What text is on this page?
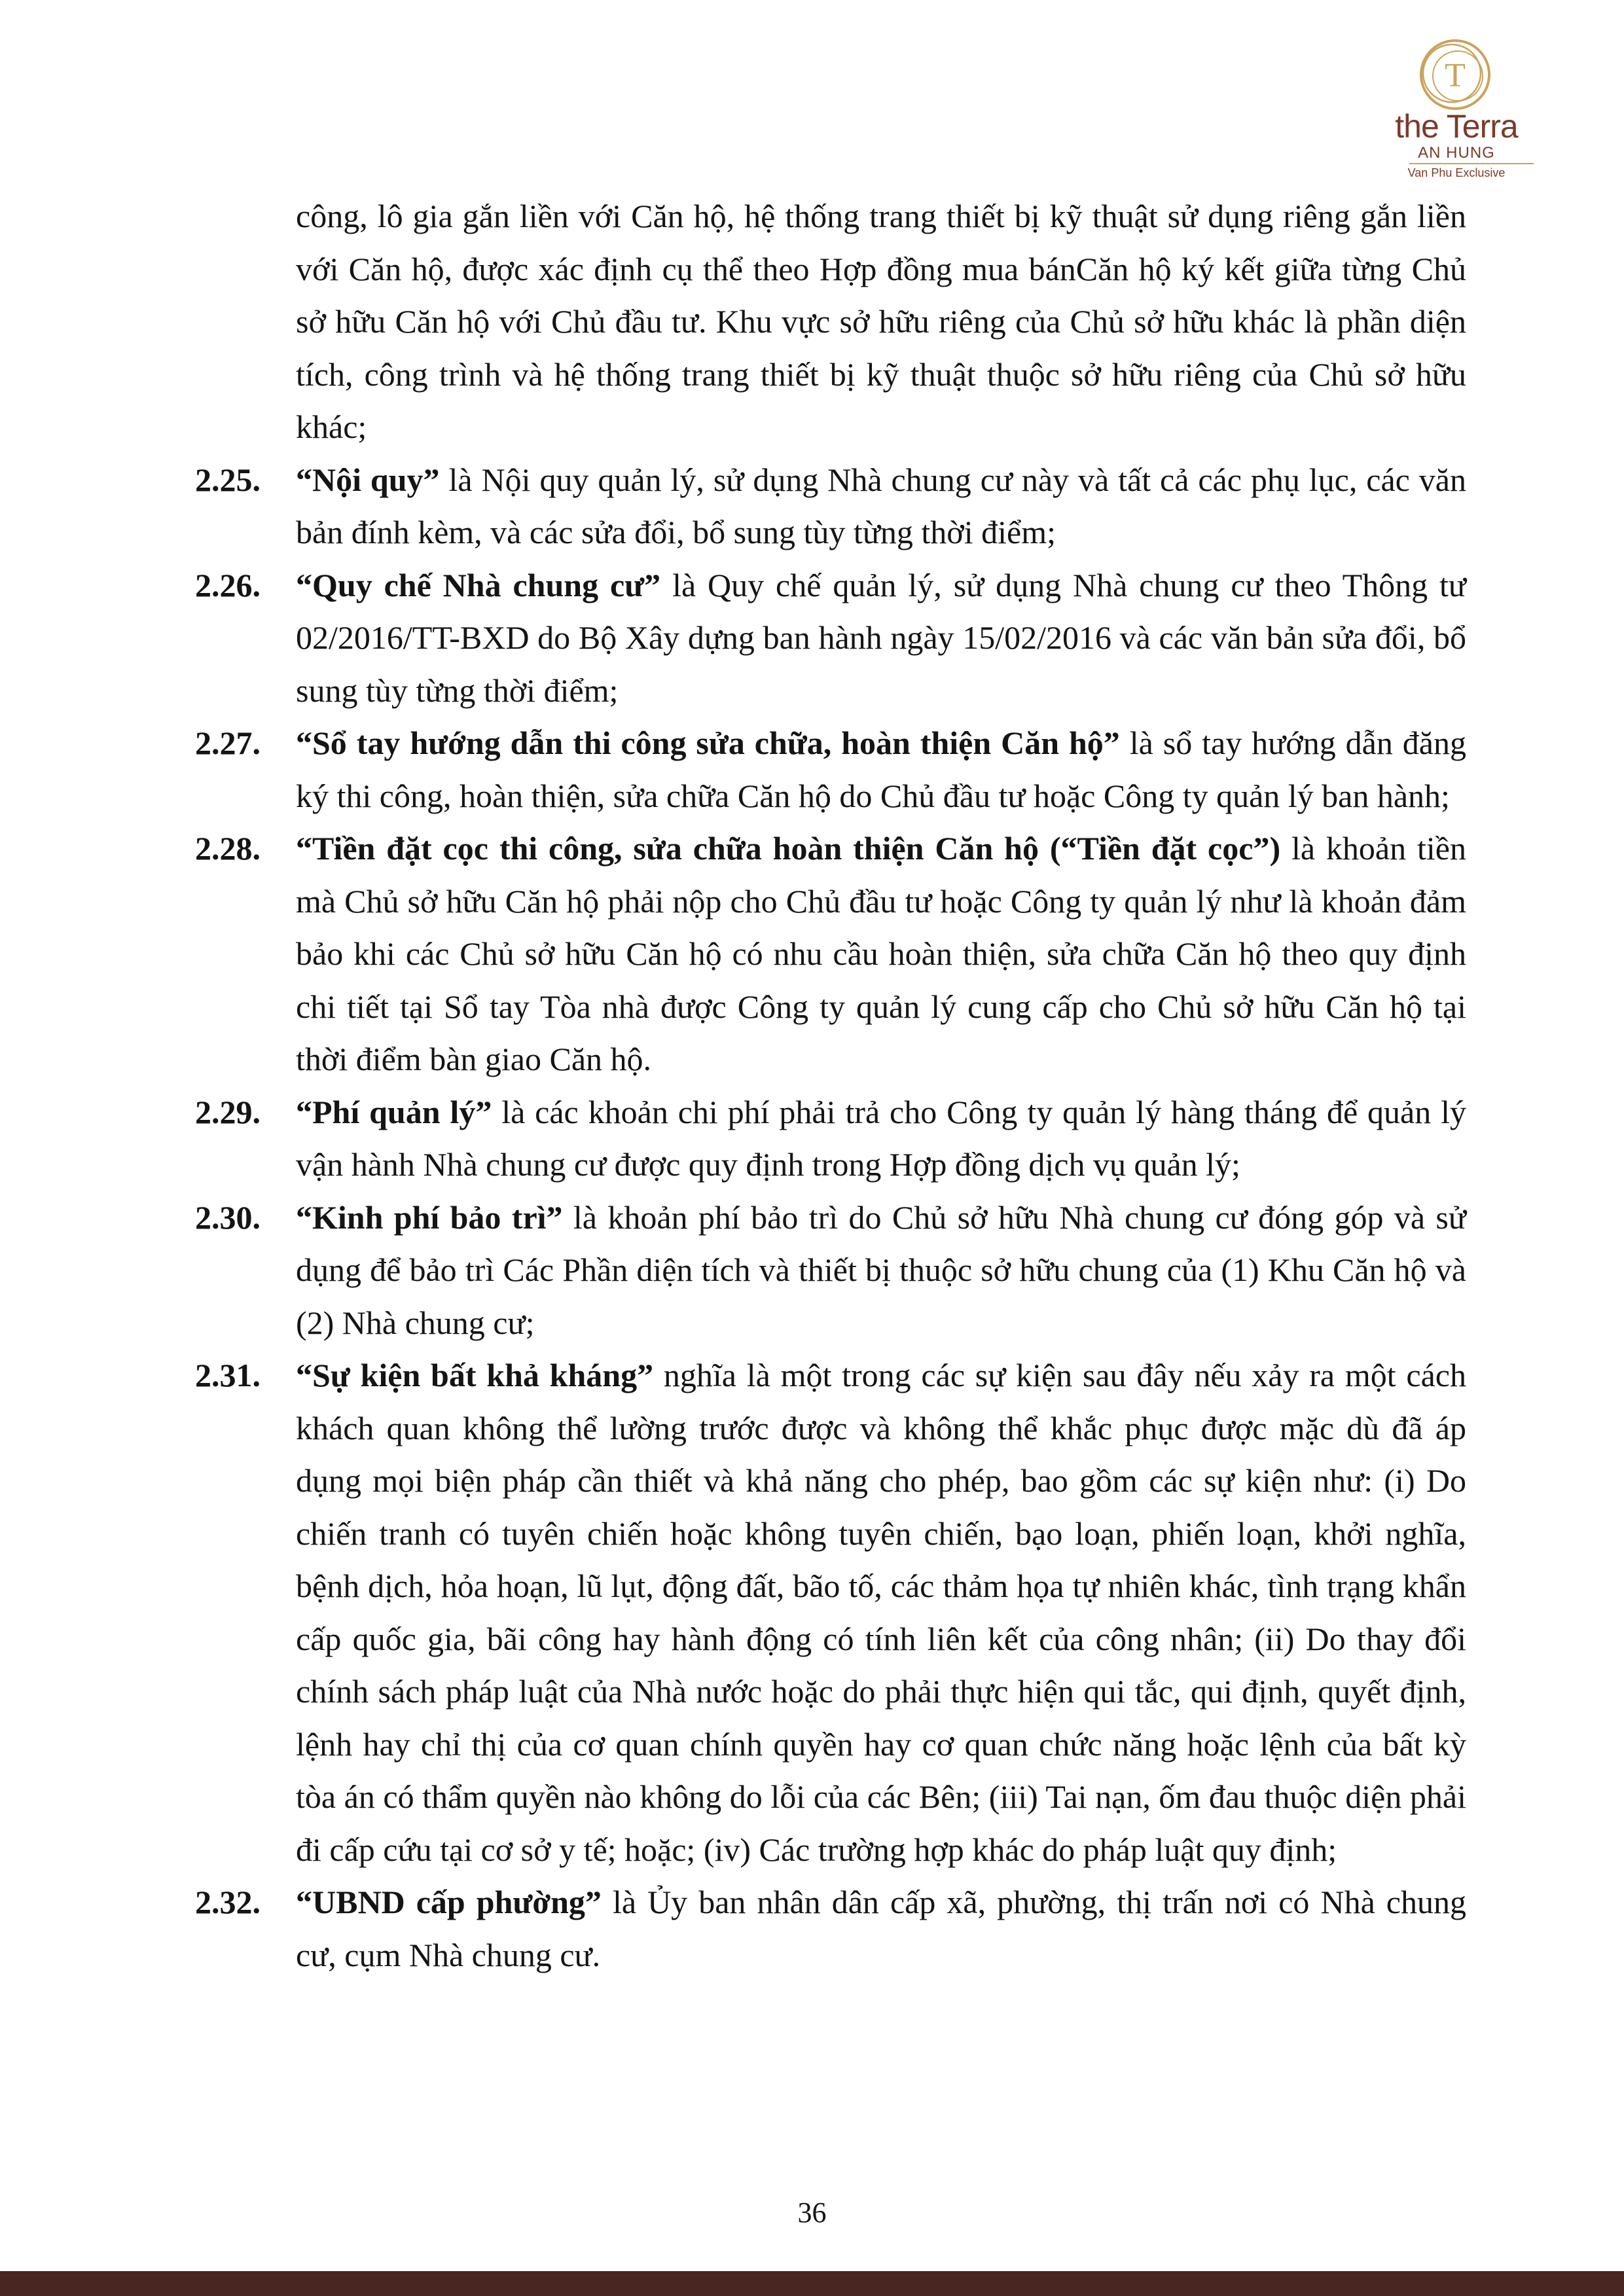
T
the Terra
AN HUNG
Van Phu Exclusive
công, lô gia gắn liền với Căn hộ, hệ thống trang thiết bị kỹ thuật sử dụng riêng gắn liền với Căn hộ, được xác định cụ thể theo Hợp đồng mua bánCăn hộ ký kết giữa từng Chủ sở hữu Căn hộ với Chủ đầu tư. Khu vực sở hữu riêng của Chủ sở hữu khác là phần diện tích, công trình và hệ thống trang thiết bị kỹ thuật thuộc sở hữu riêng của Chủ sở hữu khác;
2.25.	“Nội quy” là Nội quy quản lý, sử dụng Nhà chung cư này và tất cả các phụ lục, các văn bản đính kèm, và các sửa đổi, bổ sung tùy từng thời điểm;
2.26.	“Quy chế Nhà chung cư” là Quy chế quản lý, sử dụng Nhà chung cư theo Thông tư 02/2016/TT-BXD do Bộ Xây dựng ban hành ngày 15/02/2016 và các văn bản sửa đổi, bổ sung tùy từng thời điểm;
2.27.	“Sổ tay hướng dẫn thi công sửa chữa, hoàn thiện Căn hộ” là sổ tay hướng dẫn đăng ký thi công, hoàn thiện, sửa chữa Căn hộ do Chủ đầu tư hoặc Công ty quản lý ban hành;
2.28.	“Tiền đặt cọc thi công, sửa chữa hoàn thiện Căn hộ (“Tiền đặt cọc”) là khoản tiền mà Chủ sở hữu Căn hộ phải nộp cho Chủ đầu tư hoặc Công ty quản lý như là khoản đảm bảo khi các Chủ sở hữu Căn hộ có nhu cầu hoàn thiện, sửa chữa Căn hộ theo quy định chi tiết tại Sổ tay Tòa nhà được Công ty quản lý cung cấp cho Chủ sở hữu Căn hộ tại thời điểm bàn giao Căn hộ.
2.29.	“Phí quản lý” là các khoản chi phí phải trả cho Công ty quản lý hàng tháng để quản lý vận hành Nhà chung cư được quy định trong Hợp đồng dịch vụ quản lý;
2.30.	“Kinh phí bảo trì” là khoản phí bảo trì do Chủ sở hữu Nhà chung cư đóng góp và sử dụng để bảo trì Các Phần diện tích và thiết bị thuộc sở hữu chung của (1) Khu Căn hộ và (2) Nhà chung cư;
2.31.	“Sự kiện bất khả kháng” nghĩa là một trong các sự kiện sau đây nếu xảy ra một cách khách quan không thể lường trước được và không thể khắc phục được mặc dù đã áp dụng mọi biện pháp cần thiết và khả năng cho phép, bao gồm các sự kiện như: (i) Do chiến tranh có tuyên chiến hoặc không tuyên chiến, bạo loạn, phiến loạn, khởi nghĩa, bệnh dịch, hỏa hoạn, lũ lụt, động đất, bão tố, các thảm họa tự nhiên khác, tình trạng khẩn cấp quốc gia, bãi công hay hành động có tính liên kết của công nhân; (ii) Do thay đổi chính sách pháp luật của Nhà nước hoặc do phải thực hiện qui tắc, qui định, quyết định, lệnh hay chỉ thị của cơ quan chính quyền hay cơ quan chức năng hoặc lệnh của bất kỳ tòa án có thẩm quyền nào không do lỗi của các Bên; (iii) Tai nạn, ốm đau thuộc diện phải đi cấp cứu tại cơ sở y tế; hoặc; (iv) Các trường hợp khác do pháp luật quy định;
2.32.	“UBND cấp phường” là Ủy ban nhân dân cấp xã, phường, thị trấn nơi có Nhà chung cư, cụm Nhà chung cư.
36
